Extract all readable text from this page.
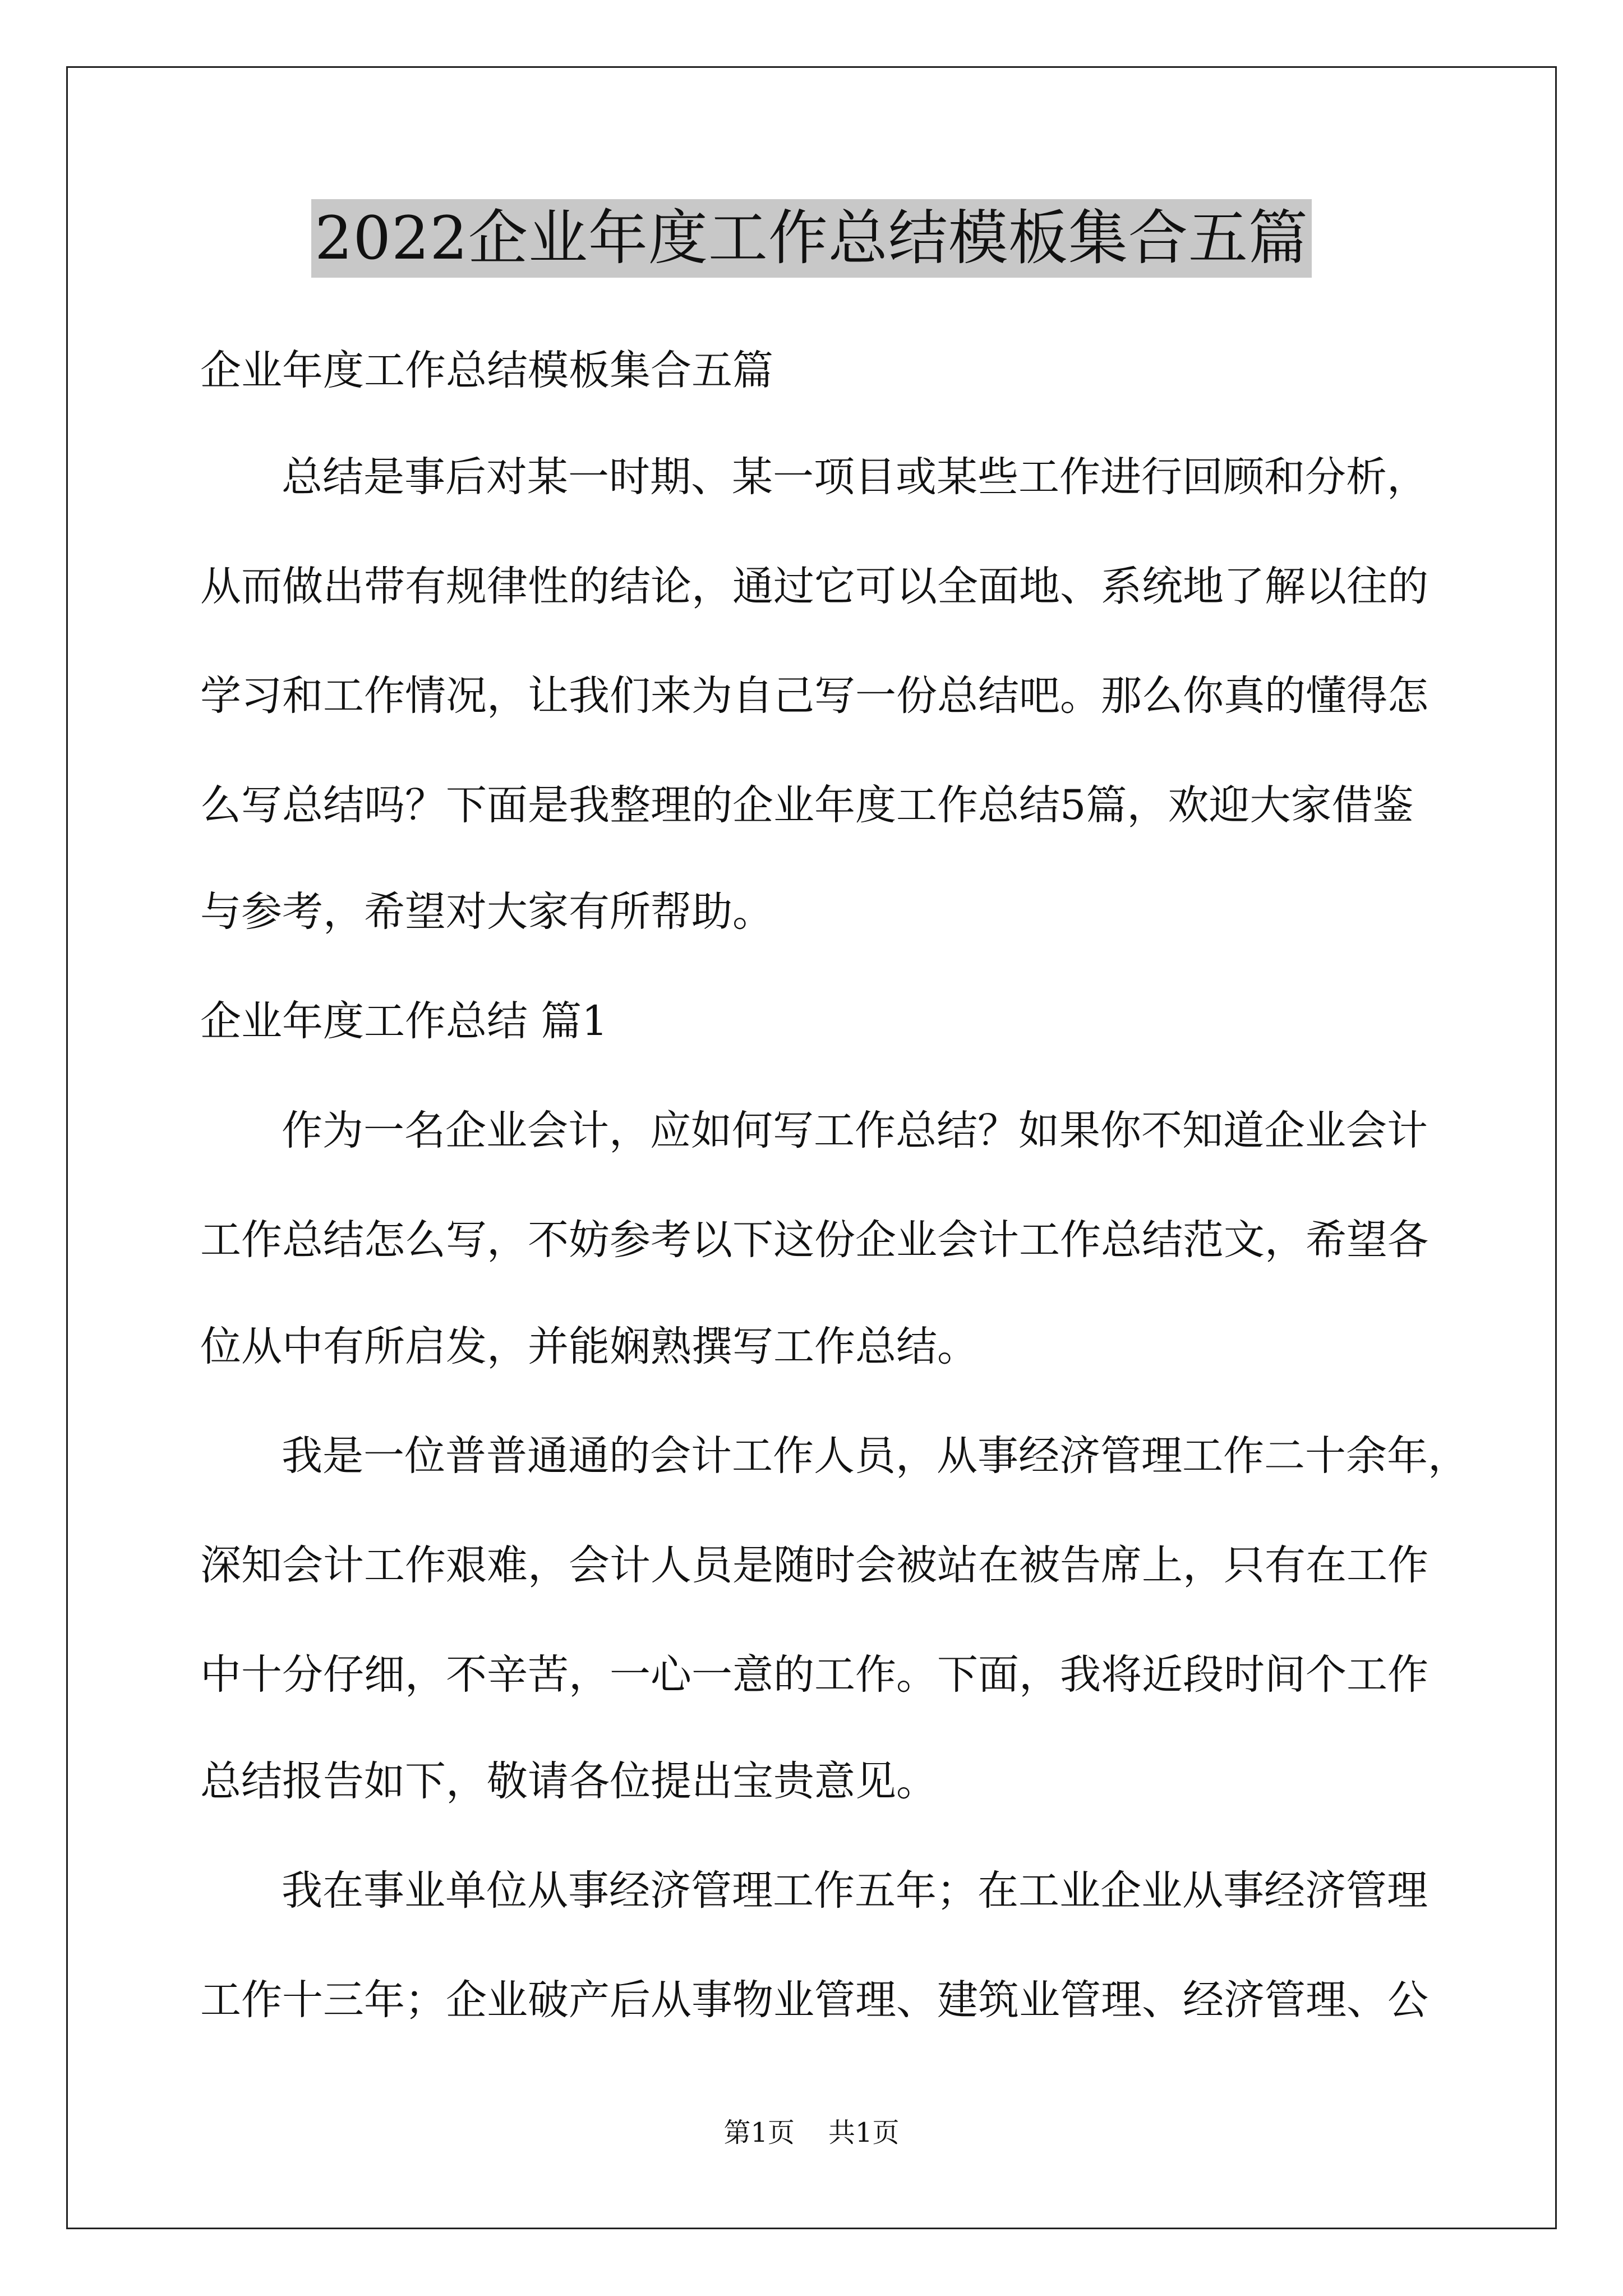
2022企业年度工作总结模板集合五篇
企业年度工作总结模板集合五篇
总结是事后对某一时期、某一项目或某些工作进行回顾和分析，
从而做出带有规律性的结论，通过它可以全面地、系统地了解以往的
学习和工作情况，让我们来为自己写一份总结吧。那么你真的懂得怎
么写总结吗？下面是我整理的企业年度工作总结5篇，欢迎大家借鉴
与参考，希望对大家有所帮助。
企业年度工作总结 篇1
作为一名企业会计，应如何写工作总结？如果你不知道企业会计
工作总结怎么写，不妨参考以下这份企业会计工作总结范文，希望各
位从中有所启发，并能娴熟撰写工作总结。
我是一位普普通通的会计工作人员，从事经济管理工作二十余年，
深知会计工作艰难，会计人员是随时会被站在被告席上，只有在工作
中十分仔细，不辛苦，一心一意的工作。下面，我将近段时间个工作
总结报告如下，敬请各位提出宝贵意见。
我在事业单位从事经济管理工作五年；在工业企业从事经济管理
工作十三年；企业破产后从事物业管理、建筑业管理、经济管理、公
第1页 共1页
